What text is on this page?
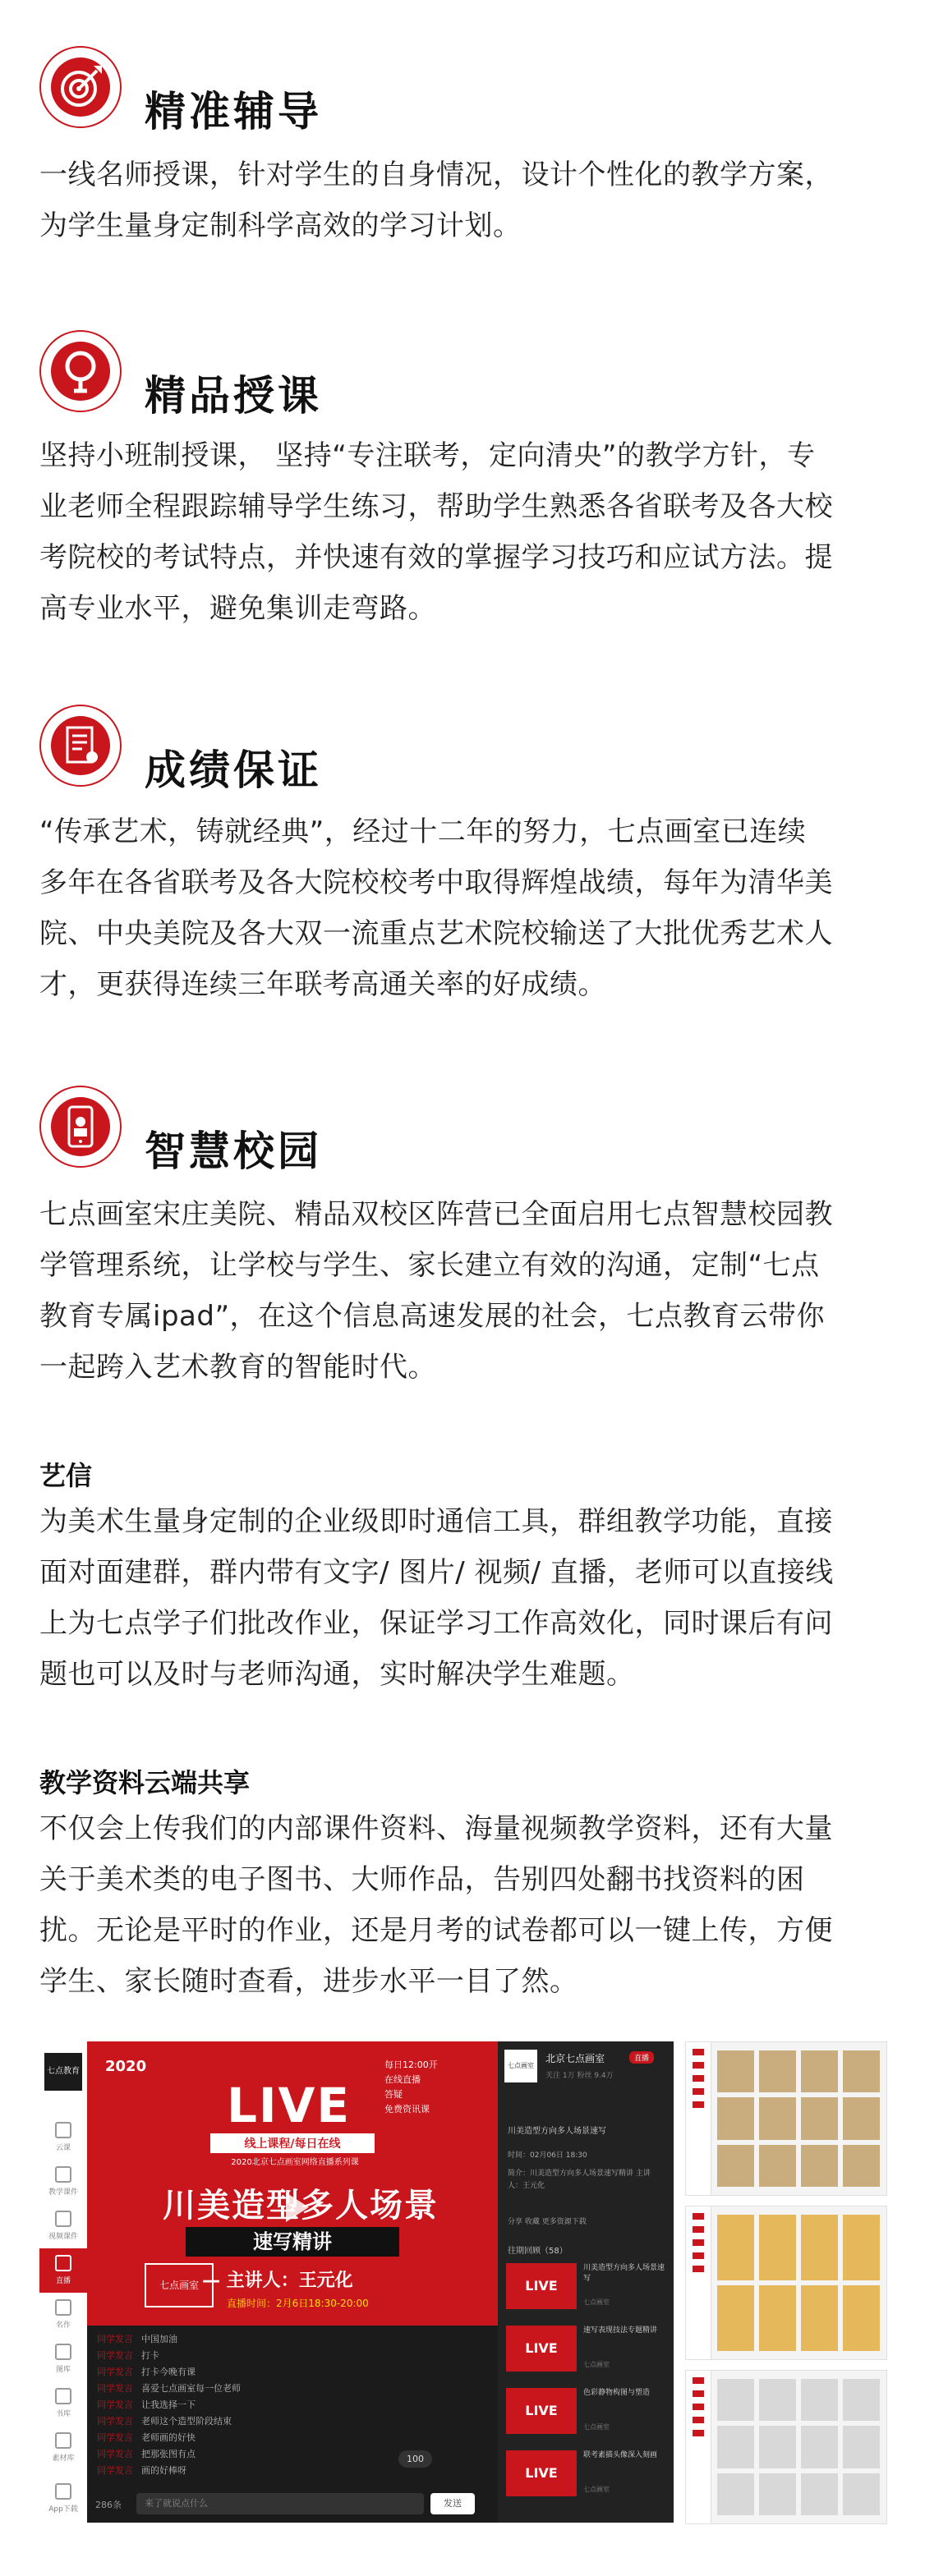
精准辅导
一线名师授课，针对学生的自身情况，设计个性化的教学方案，
为学生量身定制科学高效的学习计划。
精品授课
坚持小班制授课， 坚持“专注联考，定向清央”的教学方针，专
业老师全程跟踪辅导学生练习，帮助学生熟悉各省联考及各大校
考院校的考试特点，并快速有效的掌握学习技巧和应试方法。提
高专业水平，避免集训走弯路。
成绩保证
“传承艺术，铸就经典”，经过十二年的努力，七点画室已连续
多年在各省联考及各大院校校考中取得辉煌战绩，每年为清华美
院、中央美院及各大双一流重点艺术院校输送了大批优秀艺术人
才，更获得连续三年联考高通关率的好成绩。
智慧校园
七点画室宋庄美院、精品双校区阵营已全面启用七点智慧校园教
学管理系统，让学校与学生、家长建立有效的沟通，定制“七点
教育专属ipad”，在这个信息高速发展的社会，七点教育云带你
一起跨入艺术教育的智能时代。
艺信
为美术生量身定制的企业级即时通信工具，群组教学功能，直接
面对面建群，群内带有文字/ 图片/ 视频/ 直播，老师可以直接线
上为七点学子们批改作业，保证学习工作高效化，同时课后有问
题也可以及时与老师沟通，实时解决学生难题。
教学资料云端共享
不仅会上传我们的内部课件资料、海量视频教学资料，还有大量
关于美术类的电子图书、大师作品，告别四处翻书找资料的困
扰。无论是平时的作业，还是月考的试卷都可以一键上传，方便
学生、家长随时查看，进步水平一目了然。
七点教育
云课
教学课件
视频课件
直播
名作
图库
书库
素材库
App下载
2020	每日12:00开
在线直播
答疑
免费资讯课
LIVE
线上课程/每日在线
2020北京七点画室网络直播系列课
川美造型多人场景
速写精讲
七点画室 — 主讲人：王元化
直播时间：2月6日18:30-20:00
同学发言 中国加油
同学发言 打卡
同学发言 打卡今晚有课
同学发言 喜爱七点画室每一位老师
同学发言 让我选择一下
同学发言 老师这个造型阶段结束
同学发言 老师画的好快
同学发言 把那张图有点
同学发言 画的好棒呀
100
286条	来了就说点什么	发送
七点画室
北京七点画室	直播
关注 1万 粉丝 9.4万
川美造型方向多人场景速写
时间：02月06日 18:30
简介：川美造型方向多人场景速写精讲 主讲人：王元化
分享 收藏 更多资源下载
往期回顾（58）
LIVE
川美造型方向多人场景速写
七点画室
LIVE
速写表现技法专题精讲
七点画室
LIVE
色彩静物构图与塑造
七点画室
LIVE
联考素描头像深入刻画
七点画室
